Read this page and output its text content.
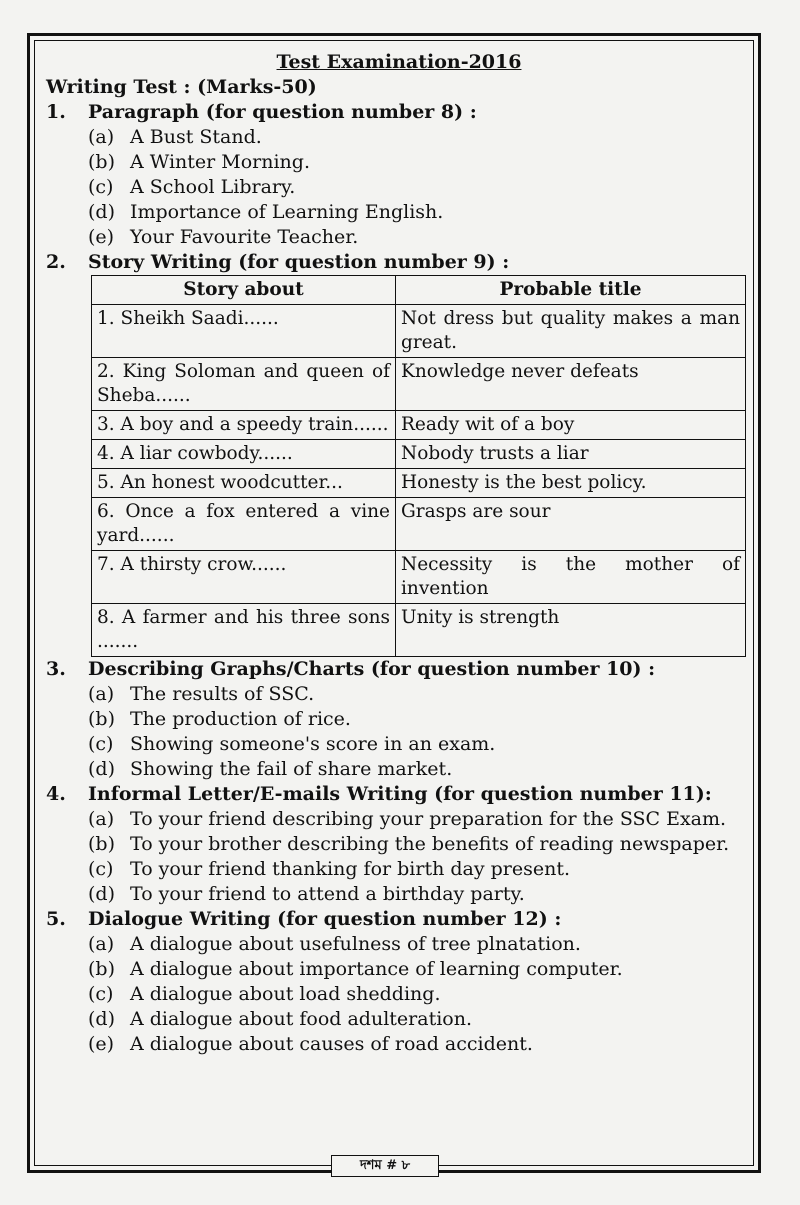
Test Examination-2016
Writing Test : (Marks-50)
1.	Paragraph (for question number 8) :
(a) A Bust Stand.
(b) A Winter Morning.
(c) A School Library.
(d) Importance of Learning English.
(e) Your Favourite Teacher.
2.	Story Writing (for question number 9) :
Story about	Probable title
1. Sheikh Saadi......	Not dress but quality makes a man great.
2. King Soloman and queen of Sheba......	Knowledge never defeats
3. A boy and a speedy train......	Ready wit of a boy
4. A liar cowbody......	Nobody trusts a liar
5. An honest woodcutter...	Honesty is the best policy.
6. Once a fox entered a vine yard......	Grasps are sour
7. A thirsty crow......	Necessity is the mother of invention
8. A farmer and his three sons .......	Unity is strength
3.	Describing Graphs/Charts (for question number 10) :
(a) The results of SSC.
(b) The production of rice.
(c) Showing someone's score in an exam.
(d) Showing the fail of share market.
4.	Informal Letter/E-mails Writing (for question number 11):
(a) To your friend describing your preparation for the SSC Exam.
(b) To your brother describing the benefits of reading newspaper.
(c) To your friend thanking for birth day present.
(d) To your friend to attend a birthday party.
5.	Dialogue Writing (for question number 12) :
(a) A dialogue about usefulness of tree plnatation.
(b) A dialogue about importance of learning computer.
(c) A dialogue about load shedding.
(d) A dialogue about food adulteration.
(e) A dialogue about causes of road accident.
দশম # ৮
